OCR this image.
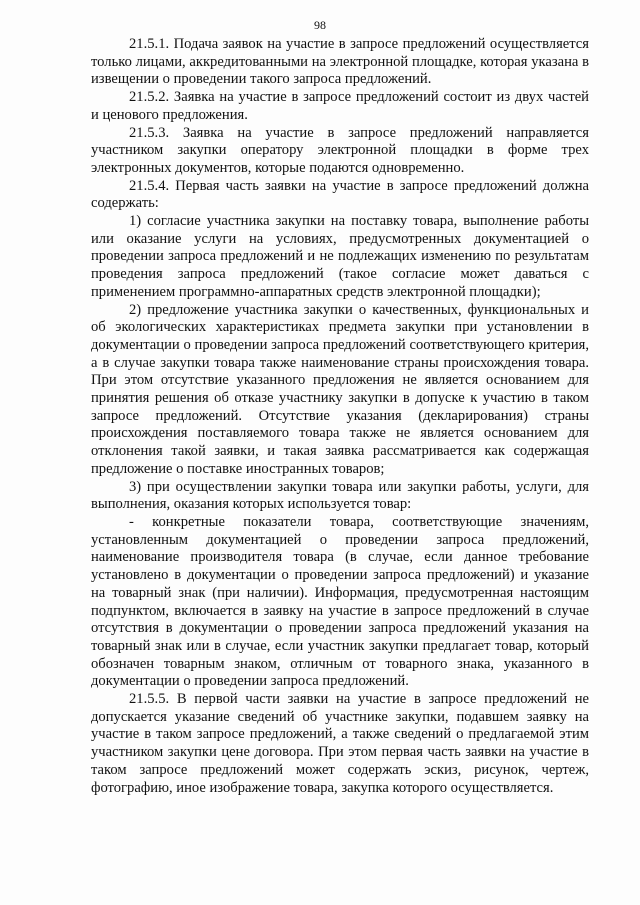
98

21.5.1. Подача заявок на участие в запросе предложений осуществляется только лицами, аккредитованными на электронной площадке, которая указана в извещении о проведении такого запроса предложений.

21.5.2. Заявка на участие в запросе предложений состоит из двух частей и ценового предложения.

21.5.3. Заявка на участие в запросе предложений направляется участником закупки оператору электронной площадки в форме трех электронных документов, которые подаются одновременно.

21.5.4. Первая часть заявки на участие в запросе предложений должна содержать:

1) согласие участника закупки на поставку товара, выполнение работы или оказание услуги на условиях, предусмотренных документацией о проведении запроса предложений и не подлежащих изменению по результатам проведения запроса предложений (такое согласие может даваться с применением программно-аппаратных средств электронной площадки);

2) предложение участника закупки о качественных, функциональных и об экологических характеристиках предмета закупки при установлении в документации о проведении запроса предложений соответствующего критерия, а в случае закупки товара также наименование страны происхождения товара. При этом отсутствие указанного предложения не является основанием для принятия решения об отказе участнику закупки в допуске к участию в таком запросе предложений. Отсутствие указания (декларирования) страны происхождения поставляемого товара также не является основанием для отклонения такой заявки, и такая заявка рассматривается как содержащая предложение о поставке иностранных товаров;

3) при осуществлении закупки товара или закупки работы, услуги, для выполнения, оказания которых используется товар:

- конкретные показатели товара, соответствующие значениям, установленным документацией о проведении запроса предложений, наименование производителя товара (в случае, если данное требование установлено в документации о проведении запроса предложений) и указание на товарный знак (при наличии). Информация, предусмотренная настоящим подпунктом, включается в заявку на участие в запросе предложений в случае отсутствия в документации о проведении запроса предложений указания на товарный знак или в случае, если участник закупки предлагает товар, который обозначен товарным знаком, отличным от товарного знака, указанного в документации о проведении запроса предложений.

21.5.5. В первой части заявки на участие в запросе предложений не допускается указание сведений об участнике закупки, подавшем заявку на участие в таком запросе предложений, а также сведений о предлагаемой этим участником закупки цене договора. При этом первая часть заявки на участие в таком запросе предложений может содержать эскиз, рисунок, чертеж, фотографию, иное изображение товара, закупка которого осуществляется.
